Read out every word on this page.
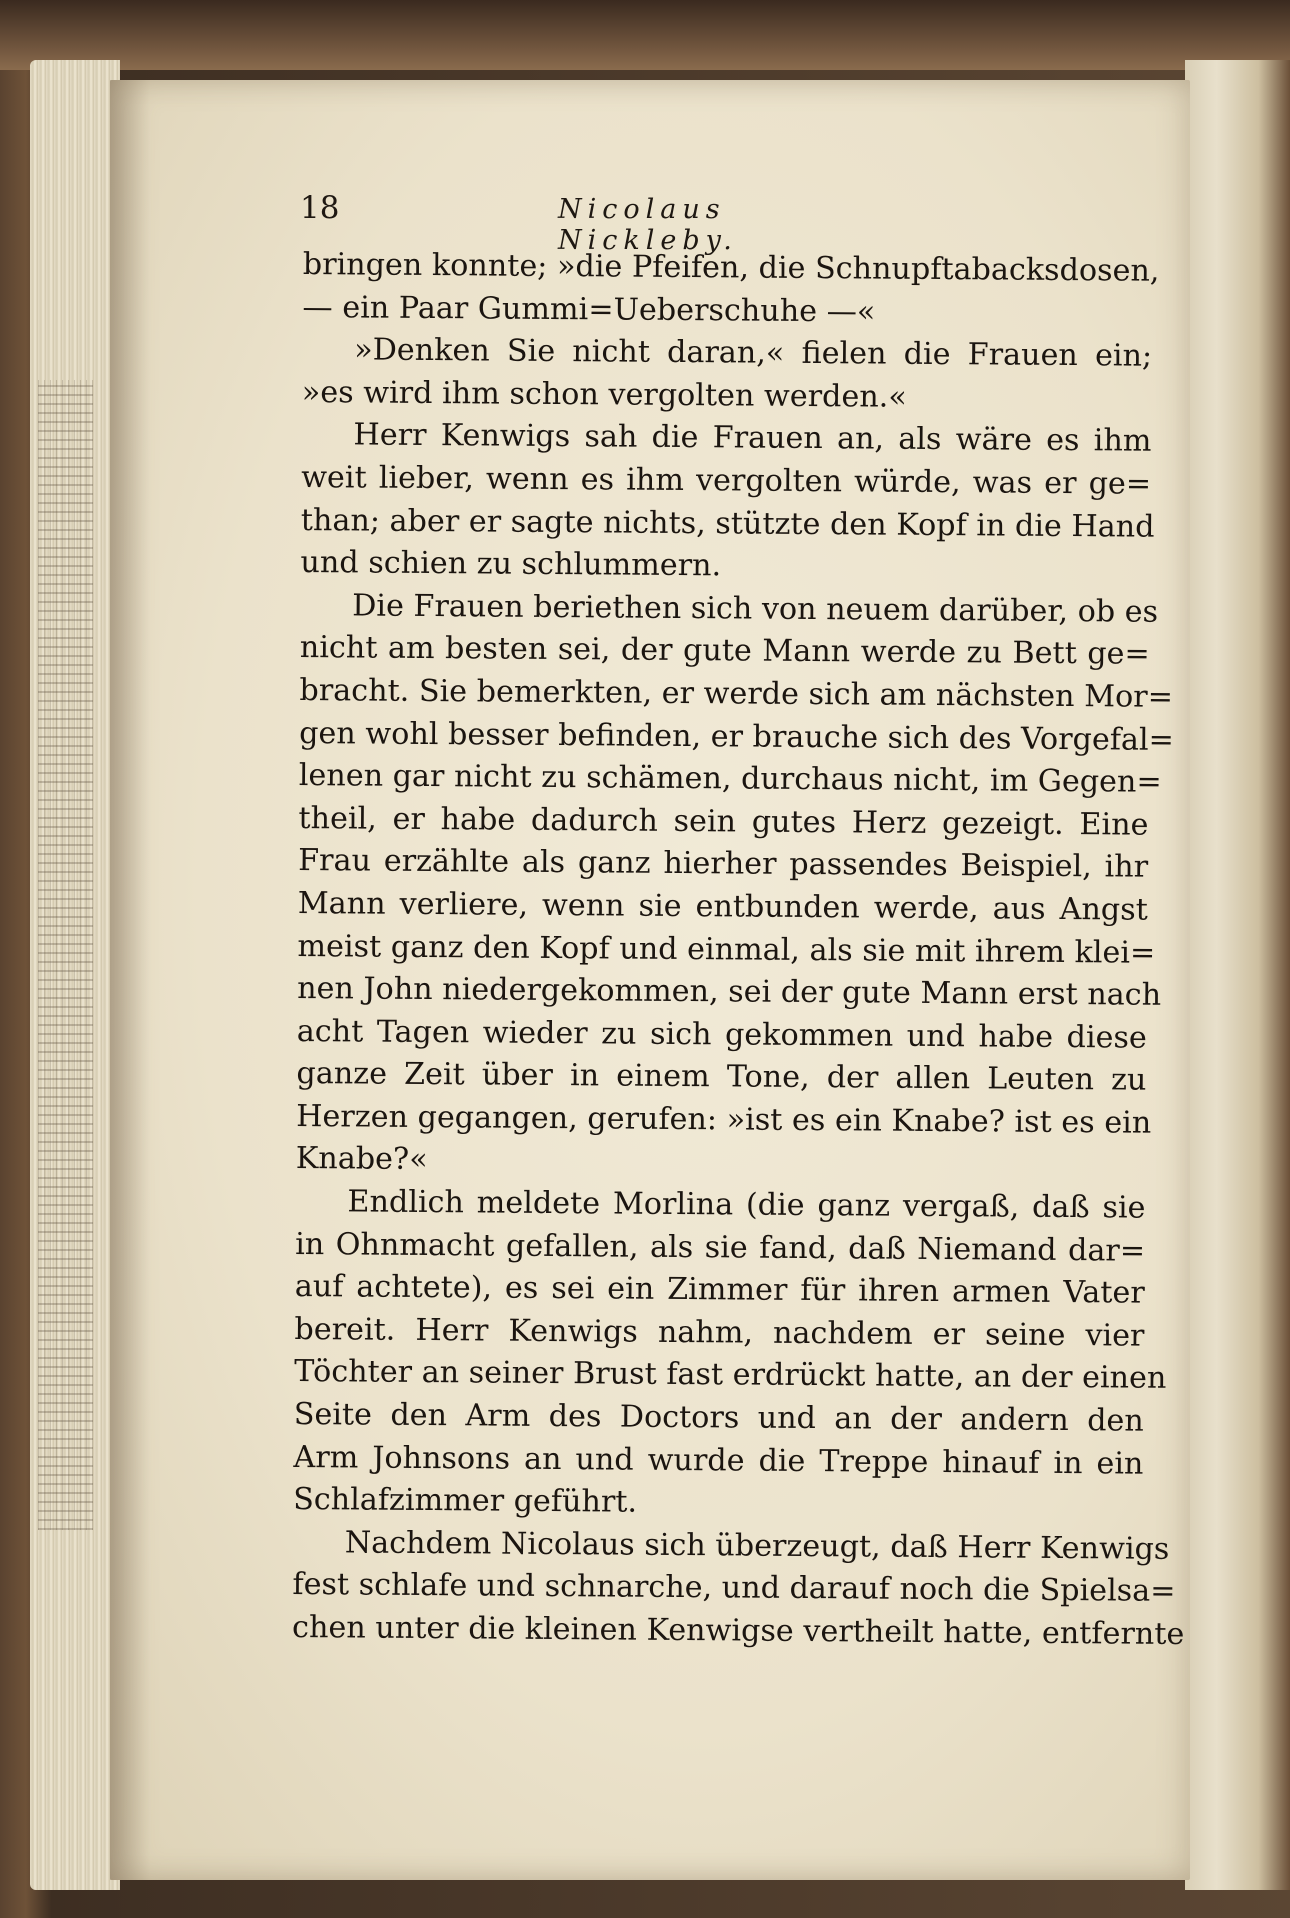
18	Nicolaus Nickleby.
bringen konnte; »die Pfeifen, die Schnupftabacksdosen,
— ein Paar Gummi=Ueberschuhe —«
»Denken Sie nicht daran,« fielen die Frauen ein;
»es wird ihm schon vergolten werden.«
Herr Kenwigs sah die Frauen an, als wäre es ihm
weit lieber, wenn es ihm vergolten würde, was er ge=
than; aber er sagte nichts, stützte den Kopf in die Hand
und schien zu schlummern.
Die Frauen beriethen sich von neuem darüber, ob es
nicht am besten sei, der gute Mann werde zu Bett ge=
bracht. Sie bemerkten, er werde sich am nächsten Mor=
gen wohl besser befinden, er brauche sich des Vorgefal=
lenen gar nicht zu schämen, durchaus nicht, im Gegen=
theil, er habe dadurch sein gutes Herz gezeigt. Eine
Frau erzählte als ganz hierher passendes Beispiel, ihr
Mann verliere, wenn sie entbunden werde, aus Angst
meist ganz den Kopf und einmal, als sie mit ihrem klei=
nen John niedergekommen, sei der gute Mann erst nach
acht Tagen wieder zu sich gekommen und habe diese
ganze Zeit über in einem Tone, der allen Leuten zu
Herzen gegangen, gerufen: »ist es ein Knabe? ist es ein
Knabe?«
Endlich meldete Morlina (die ganz vergaß, daß sie
in Ohnmacht gefallen, als sie fand, daß Niemand dar=
auf achtete), es sei ein Zimmer für ihren armen Vater
bereit. Herr Kenwigs nahm, nachdem er seine vier
Töchter an seiner Brust fast erdrückt hatte, an der einen
Seite den Arm des Doctors und an der andern den
Arm Johnsons an und wurde die Treppe hinauf in ein
Schlafzimmer geführt.
Nachdem Nicolaus sich überzeugt, daß Herr Kenwigs
fest schlafe und schnarche, und darauf noch die Spielsa=
chen unter die kleinen Kenwigse vertheilt hatte, entfernte
